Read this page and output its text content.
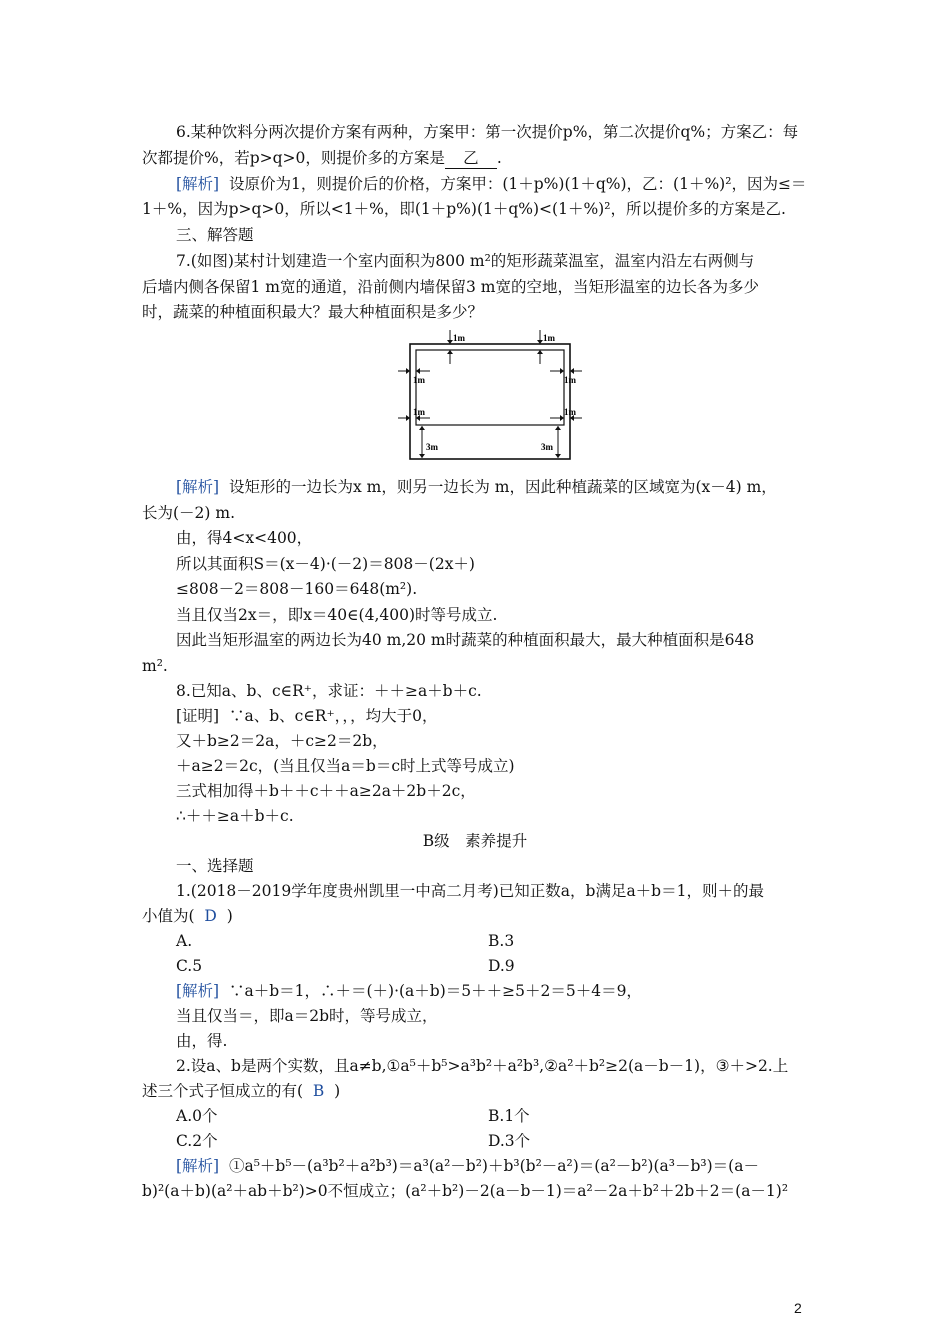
6.某种饮料分两次提价方案有两种，方案甲：第一次提价p%，第二次提价q%；方案乙：每
次都提价%，若p>q>0，则提价多的方案是 乙 .
[解析] 设原价为1，则提价后的价格，方案甲：(1＋p%)(1＋q%)，乙：(1＋%)²，因为≤＝
1＋%，因为p>q>0，所以<1＋%，即(1＋p%)(1＋q%)<(1＋%)²，所以提价多的方案是乙.
三、解答题
7.(如图)某村计划建造一个室内面积为800 m²的矩形蔬菜温室，温室内沿左右两侧与
后墙内侧各保留1 m宽的通道，沿前侧内墙保留3 m宽的空地，当矩形温室的边长各为多少
时，蔬菜的种植面积最大？最大种植面积是多少？
1m	1m
1m
1m
1m
1m
3m	3m
[解析] 设矩形的一边长为x m，则另一边长为 m，因此种植蔬菜的区域宽为(x－4) m，
长为(－2) m.
由，得4<x<400，
所以其面积S＝(x－4)·(－2)＝808－(2x＋)
≤808－2＝808－160＝648(m²).
当且仅当2x＝，即x＝40∈(4,400)时等号成立.
因此当矩形温室的两边长为40 m,20 m时蔬菜的种植面积最大，最大种植面积是648
m².
8.已知a、b、c∈R⁺，求证：＋＋≥a＋b＋c.
[证明] ∵a、b、c∈R⁺，，，均大于0，
又＋b≥2＝2a，＋c≥2＝2b，
＋a≥2＝2c，(当且仅当a＝b＝c时上式等号成立)
三式相加得＋b＋＋c＋＋a≥2a＋2b＋2c，
∴＋＋≥a＋b＋c.
B级　素养提升
一、选择题
1.(2018－2019学年度贵州凯里一中高二月考)已知正数a，b满足a＋b＝1，则＋的最
小值为( D )
A.	B.3
C.5	D.9
[解析] ∵a＋b＝1，∴＋＝(＋)·(a＋b)＝5＋＋≥5＋2＝5＋4＝9，
当且仅当＝，即a＝2b时，等号成立，
由，得.
2.设a、b是两个实数，且a≠b,①a⁵＋b⁵>a³b²＋a²b³,②a²＋b²≥2(a－b－1)，③＋>2.上
述三个式子恒成立的有( B )
A.0个	B.1个
C.2个	D.3个
[解析] ①a⁵＋b⁵－(a³b²＋a²b³)＝a³(a²－b²)＋b³(b²－a²)＝(a²－b²)(a³－b³)＝(a－
b)²(a＋b)(a²＋ab＋b²)>0不恒成立；(a²＋b²)－2(a－b－1)＝a²－2a＋b²＋2b＋2＝(a－1)²
2
